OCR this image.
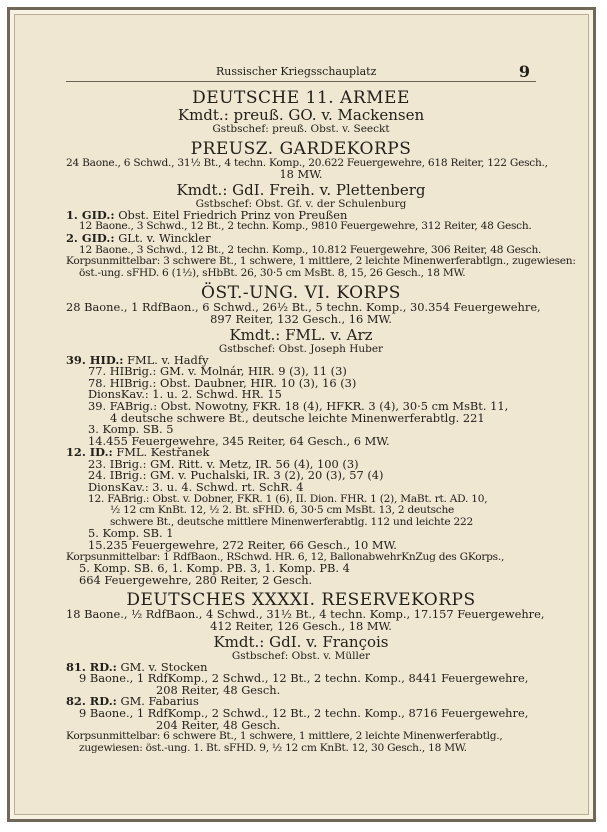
Russischer Kriegsschauplatz	9
DEUTSCHE 11. ARMEE
Kmdt.: preuß. GO. v. Mackensen
Gstbschef: preuß. Obst. v. Seeckt
PREUSZ. GARDEKORPS
24 Baone., 6 Schwd., 31½ Bt., 4 techn. Komp., 20.622 Feuergewehre, 618 Reiter, 122 Gesch.,
18 MW.
Kmdt.: GdI. Freih. v. Plettenberg
Gstbschef: Obst. Gf. v. der Schulenburg
1. GID.: Obst. Eitel Friedrich Prinz von Preußen
12 Baone., 3 Schwd., 12 Bt., 2 techn. Komp., 9810 Feuergewehre, 312 Reiter, 48 Gesch.
2. GID.: GLt. v. Winckler
12 Baone., 3 Schwd., 12 Bt., 2 techn. Komp., 10.812 Feuergewehre, 306 Reiter, 48 Gesch.
Korpsunmittelbar: 3 schwere Bt., 1 schwere, 1 mittlere, 2 leichte Minenwerferabtlgn., zugewiesen:
öst.-ung. sFHD. 6 (1½), sHbBt. 26, 30·5 cm MsBt. 8, 15, 26 Gesch., 18 MW.
ÖST.-UNG. VI. KORPS
28 Baone., 1 RdfBaon., 6 Schwd., 26½ Bt., 5 techn. Komp., 30.354 Feuergewehre,
897 Reiter, 132 Gesch., 16 MW.
Kmdt.: FML. v. Arz
Gstbschef: Obst. Joseph Huber
39. HID.: FML. v. Hadfy
77. HIBrig.: GM. v. Molnár, HIR. 9 (3), 11 (3)
78. HIBrig.: Obst. Daubner, HIR. 10 (3), 16 (3)
DionsKav.: 1. u. 2. Schwd. HR. 15
39. FABrig.: Obst. Nowotny, FKR. 18 (4), HFKR. 3 (4), 30·5 cm MsBt. 11,
4 deutsche schwere Bt., deutsche leichte Minenwerferabtlg. 221
3. Komp. SB. 5
14.455 Feuergewehre, 345 Reiter, 64 Gesch., 6 MW.
12. ID.: FML. Kestřanek
23. IBrig.: GM. Ritt. v. Metz, IR. 56 (4), 100 (3)
24. IBrig.: GM. v. Puchalski, IR. 3 (2), 20 (3), 57 (4)
DionsKav.: 3. u. 4. Schwd. rt. SchR. 4
12. FABrig.: Obst. v. Dobner, FKR. 1 (6), II. Dion. FHR. 1 (2), MaBt. rt. AD. 10,
½ 12 cm KnBt. 12, ½ 2. Bt. sFHD. 6, 30·5 cm MsBt. 13, 2 deutsche
schwere Bt., deutsche mittlere Minenwerferabtlg. 112 und leichte 222
5. Komp. SB. 1
15.235 Feuergewehre, 272 Reiter, 66 Gesch., 10 MW.
Korpsunmittelbar: 1 RdfBaon., RSchwd. HR. 6, 12, BallonabwehrKnZug des GKorps.,
5. Komp. SB. 6, 1. Komp. PB. 3, 1. Komp. PB. 4
664 Feuergewehre, 280 Reiter, 2 Gesch.
DEUTSCHES XXXXI. RESERVEKORPS
18 Baone., ½ RdfBaon., 4 Schwd., 31½ Bt., 4 techn. Komp., 17.157 Feuergewehre,
412 Reiter, 126 Gesch., 18 MW.
Kmdt.: GdI. v. François
Gstbschef: Obst. v. Müller
81. RD.: GM. v. Stocken
9 Baone., 1 RdfKomp., 2 Schwd., 12 Bt., 2 techn. Komp., 8441 Feuergewehre,
208 Reiter, 48 Gesch.
82. RD.: GM. Fabarius
9 Baone., 1 RdfKomp., 2 Schwd., 12 Bt., 2 techn. Komp., 8716 Feuergewehre,
204 Reiter, 48 Gesch.
Korpsunmittelbar: 6 schwere Bt., 1 schwere, 1 mittlere, 2 leichte Minenwerferabtlg.,
zugewiesen: öst.-ung. 1. Bt. sFHD. 9, ½ 12 cm KnBt. 12, 30 Gesch., 18 MW.
